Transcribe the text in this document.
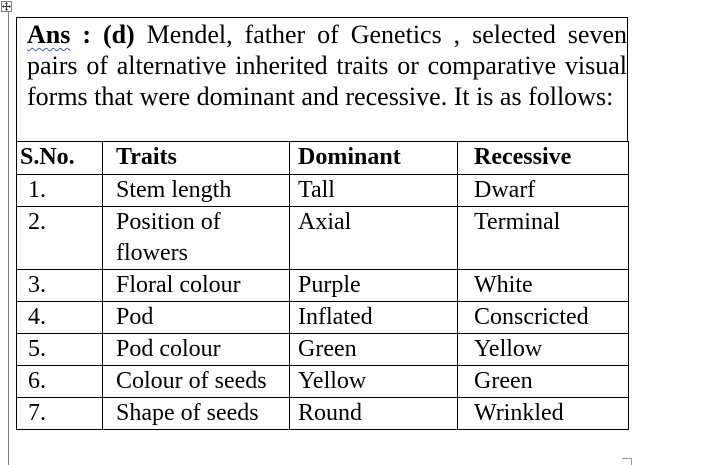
Ans : (d) Mendel, father of Genetics , selected seven pairs of alternative inherited traits or comparative visual forms that were dominant and recessive. It is as follows:

S.No.	Traits	Dominant	Recessive
1.	Stem length	Tall	Dwarf
2.	Position of flowers	Axial	Terminal
3.	Floral colour	Purple	White
4.	Pod	Inflated	Conscricted
5.	Pod colour	Green	Yellow
6.	Colour of seeds	Yellow	Green
7.	Shape of seeds	Round	Wrinkled
